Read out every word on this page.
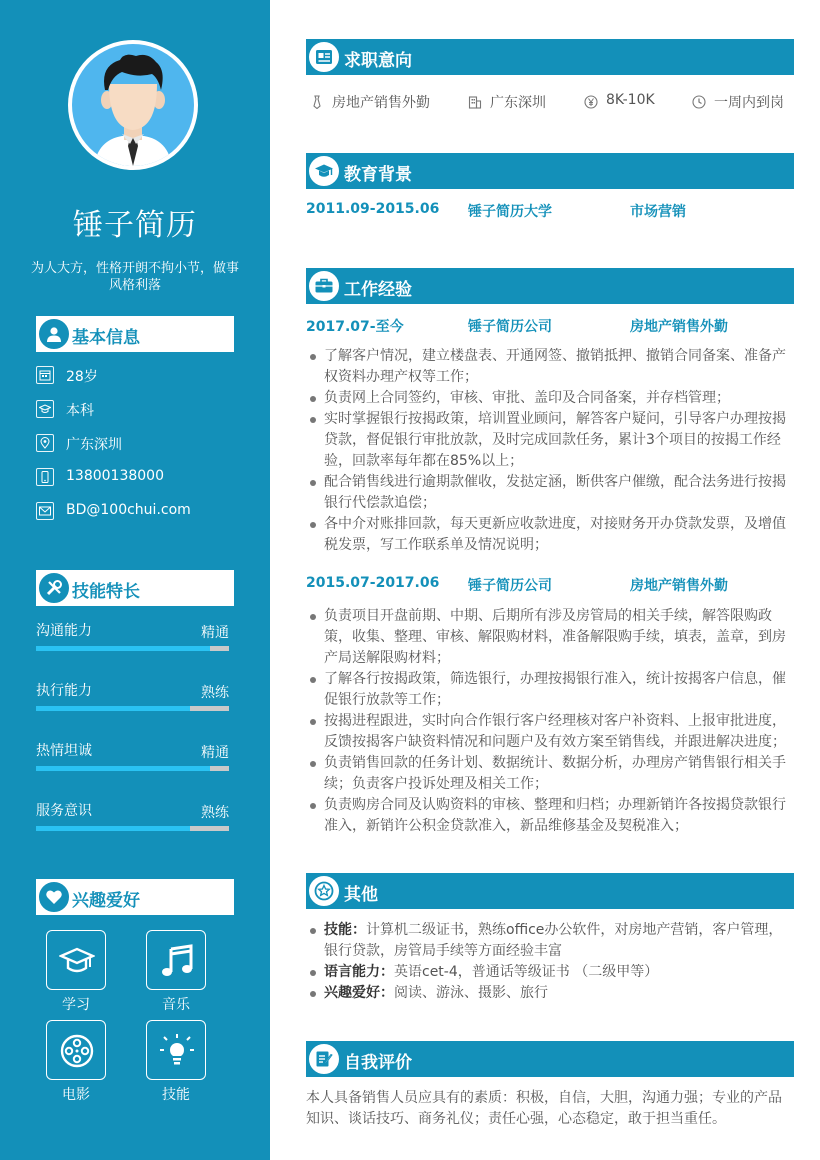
锤子简历
为人大方，性格开朗不拘小节，做事风格利落
基本信息
28岁
本科
广东深圳
13800138000
BD@100chui.com
技能特长
沟通能力	精通
执行能力	熟练
热情坦诚	精通
服务意识	熟练
兴趣爱好
学习	音乐
电影	技能
求职意向
房地产销售外勤	广东深圳	8K-10K	一周内到岗
教育背景
2011.09-2015.06 锤子简历大学	市场营销
工作经验
2017.07-至今	锤子简历公司	房地产销售外勤
了解客户情况，建立楼盘表、开通网签、撤销抵押、撤销合同备案、准备产权资料办理产权等工作；
负责网上合同签约，审核、审批、盖印及合同备案，并存档管理；
实时掌握银行按揭政策，培训置业顾问，解答客户疑问，引导客户办理按揭贷款，督促银行审批放款，及时完成回款任务，累计3个项目的按揭工作经验，回款率每年都在85%以上；
配合销售线进行逾期款催收，发挞定涵，断供客户催缴，配合法务进行按揭银行代偿款追偿；
各中介对账排回款，每天更新应收款进度，对接财务开办贷款发票，及增值税发票，写工作联系单及情况说明；
2015.07-2017.06 锤子简历公司	房地产销售外勤
负责项目开盘前期、中期、后期所有涉及房管局的相关手续，解答限购政策，收集、整理、审核、解限购材料，准备解限购手续，填表，盖章，到房产局送解限购材料；
了解各行按揭政策，筛选银行，办理按揭银行准入，统计按揭客户信息，催促银行放款等工作；
按揭进程跟进，实时向合作银行客户经理核对客户补资料、上报审批进度，反馈按揭客户缺资料情况和问题户及有效方案至销售线，并跟进解决进度；
负责销售回款的任务计划、数据统计、数据分析，办理房产销售银行相关手续；负责客户投诉处理及相关工作；
负责购房合同及认购资料的审核、整理和归档；办理新销许各按揭贷款银行准入，新销许公积金贷款准入，新品维修基金及契税准入；
其他
技能：计算机二级证书，熟练office办公软件，对房地产营销，客户管理，银行贷款，房管局手续等方面经验丰富
语言能力：英语cet-4，普通话等级证书 （二级甲等）
兴趣爱好：阅读、游泳、摄影、旅行
自我评价
本人具备销售人员应具有的素质：积极，自信，大胆，沟通力强；专业的产品知识、谈话技巧、商务礼仪；责任心强，心态稳定，敢于担当重任。
